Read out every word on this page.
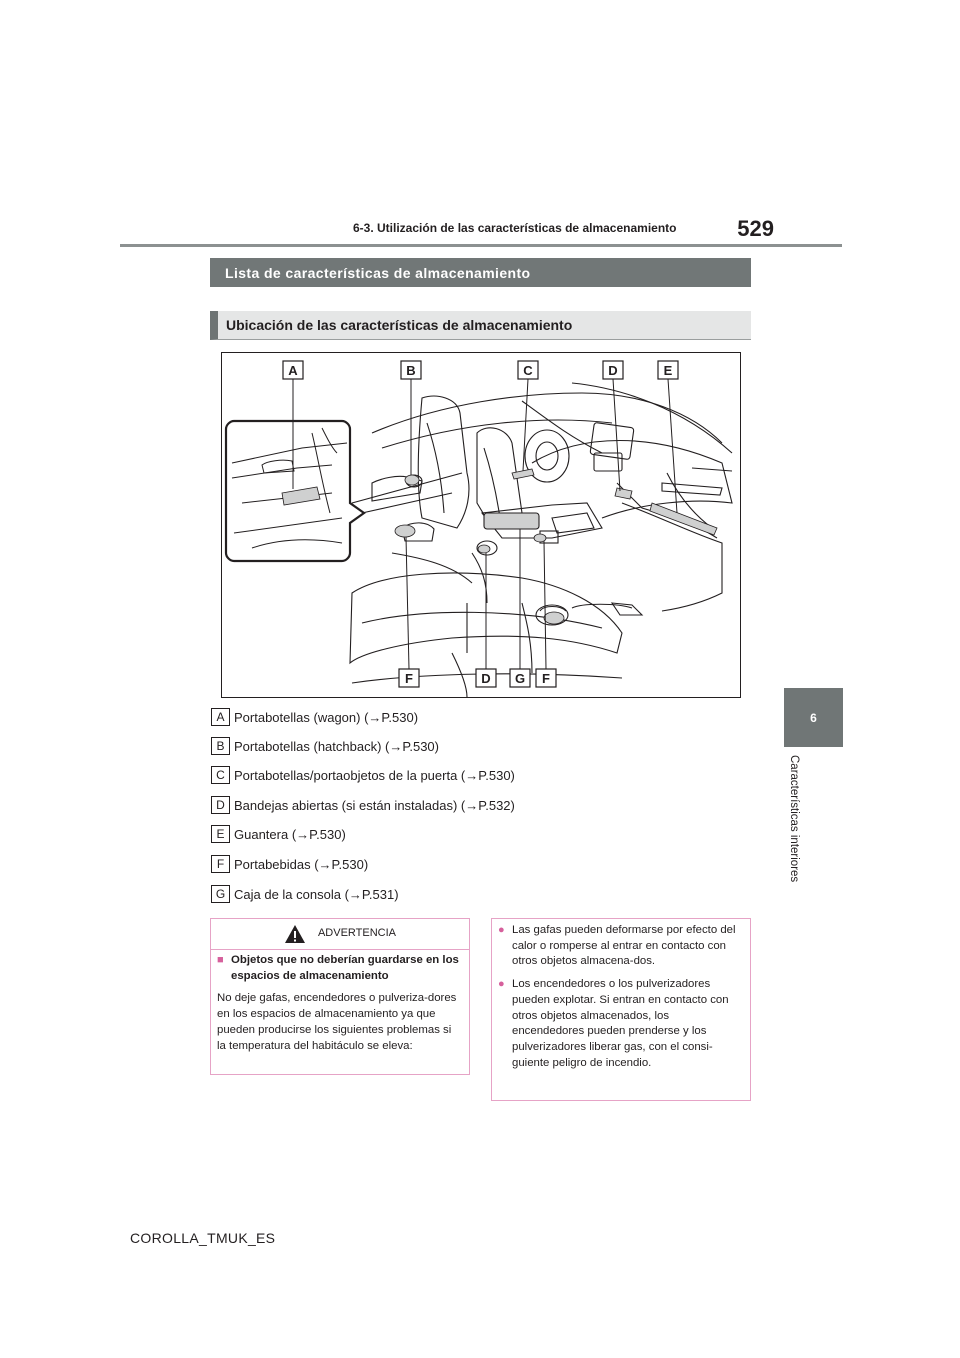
6-3. Utilización de las características de almacenamiento	529
6
Características interiores
Lista de características de almacenamiento
Ubicación de las características de almacenamiento
A	B	C	D	E
F	D G F
A Portabotellas (wagon) (→P.530)
B Portabotellas (hatchback) (→P.530)
C Portabotellas/portaobjetos de la puerta (→P.530)
D Bandejas abiertas (si están instaladas) (→P.532)
E Guantera (→P.530)
F Portabebidas (→P.530)
G Caja de la consola (→P.531)
ADVERTENCIA
■ Objetos que no deberían guardarse en los espacios de almacenamiento
No deje gafas, encendedores o pulveriza-dores en los espacios de almacenamiento ya que pueden producirse los siguientes problemas si la temperatura del habitáculo se eleva:
● Las gafas pueden deformarse por efecto del calor o romperse al entrar en contacto con otros objetos almacena-dos.
● Los encendedores o los pulverizadores pueden explotar. Si entran en contacto con otros objetos almacenados, los encendedores pueden prenderse y los pulverizadores liberar gas, con el consi-guiente peligro de incendio.
COROLLA_TMUK_ES
